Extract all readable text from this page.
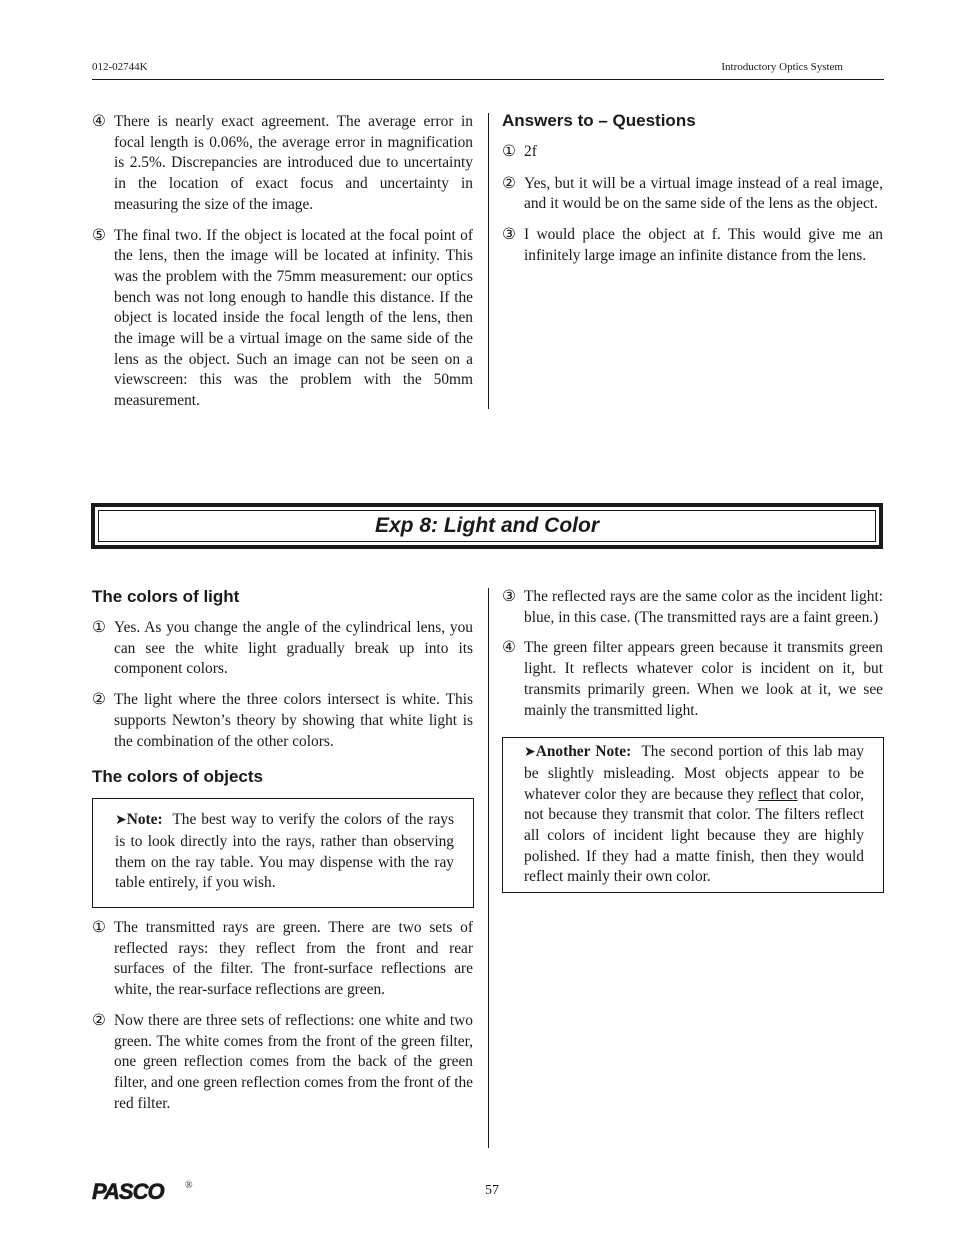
012-02744K	Introductory Optics System
④ There is nearly exact agreement. The average error in focal length is 0.06%, the average error in magnification is 2.5%. Discrepancies are introduced due to uncertainty in the location of exact focus and uncertainty in measuring the size of the image.
⑤ The final two. If the object is located at the focal point of the lens, then the image will be located at infinity. This was the problem with the 75mm measurement: our optics bench was not long enough to handle this distance. If the object is located inside the focal length of the lens, then the image will be a virtual image on the same side of the lens as the object. Such an image can not be seen on a viewscreen: this was the problem with the 50mm measurement.
Answers to – Questions
① 2f
② Yes, but it will be a virtual image instead of a real image, and it would be on the same side of the lens as the object.
③ I would place the object at f. This would give me an infinitely large image an infinite distance from the lens.
Exp 8: Light and Color
The colors of light
① Yes. As you change the angle of the cylindrical lens, you can see the white light gradually break up into its component colors.
② The light where the three colors intersect is white. This supports Newton’s theory by showing that white light is the combination of the other colors.
The colors of objects
➤Note: The best way to verify the colors of the rays is to look directly into the rays, rather than observing them on the ray table. You may dispense with the ray table entirely, if you wish.
① The transmitted rays are green. There are two sets of reflected rays: they reflect from the front and rear surfaces of the filter. The front-surface reflections are white, the rear-surface reflections are green.
② Now there are three sets of reflections: one white and two green. The white comes from the front of the green filter, one green reflection comes from the back of the green filter, and one green reflection comes from the front of the red filter.
③ The reflected rays are the same color as the incident light: blue, in this case. (The transmitted rays are a faint green.)
④ The green filter appears green because it transmits green light. It reflects whatever color is incident on it, but transmits primarily green. When we look at it, we see mainly the transmitted light.
➤Another Note: The second portion of this lab may be slightly misleading. Most objects appear to be whatever color they are because they reflect that color, not because they transmit that color. The filters reflect all colors of incident light because they are highly polished. If they had a matte finish, then they would reflect mainly their own color.
PASCO ®	57
